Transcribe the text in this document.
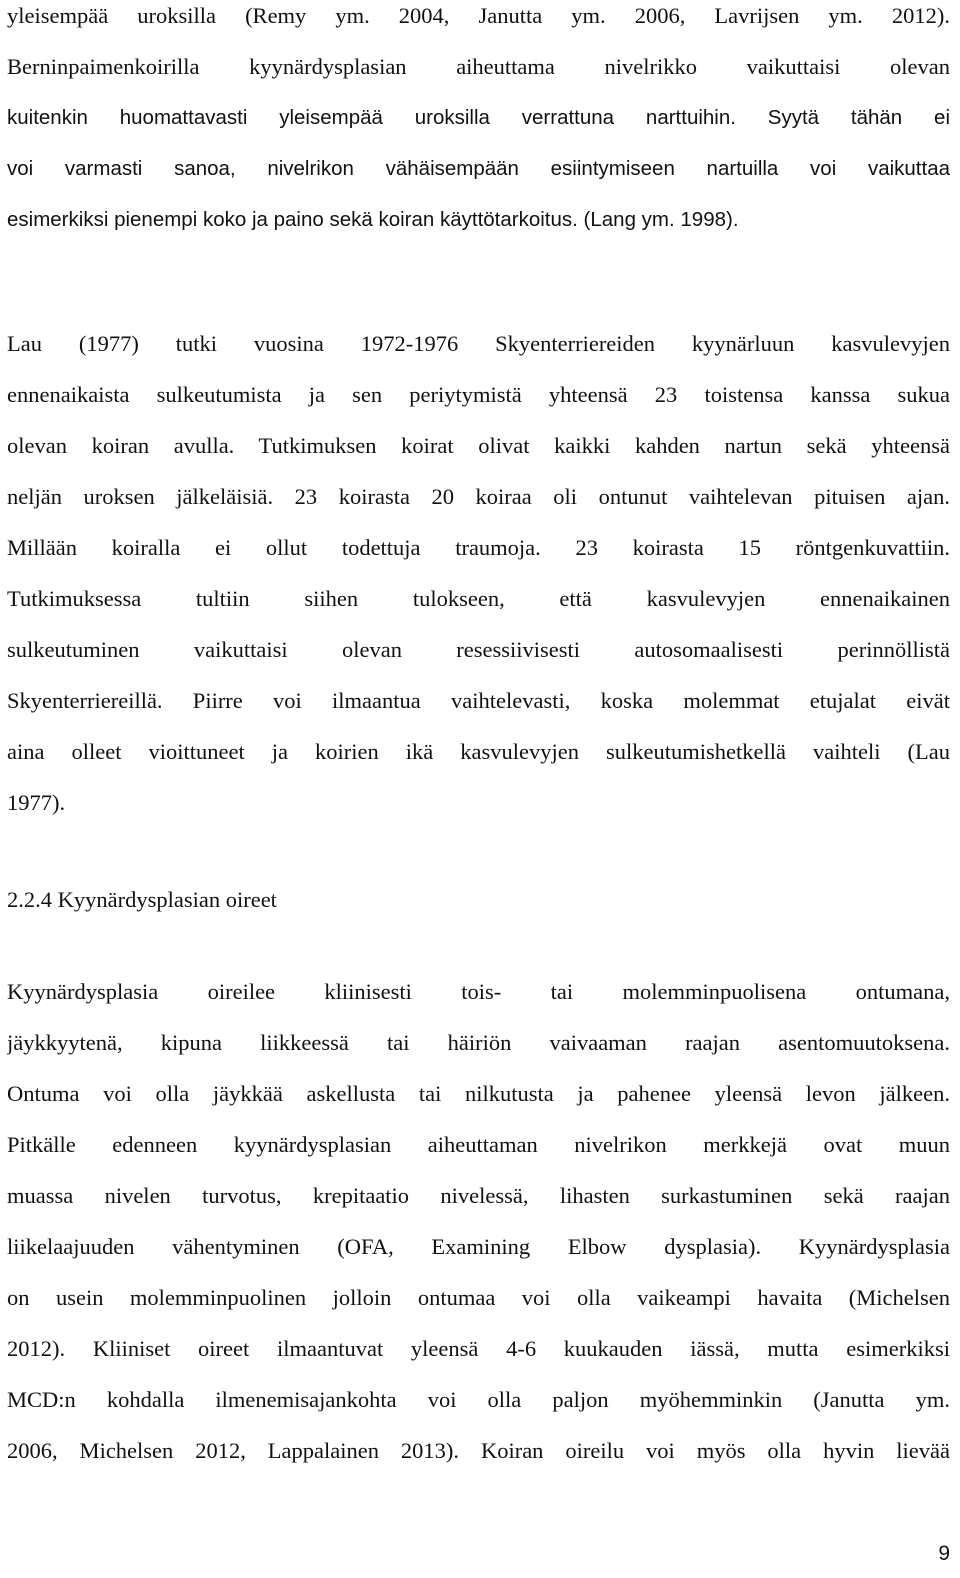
yleisempää uroksilla (Remy ym. 2004, Janutta ym. 2006, Lavrijsen ym. 2012).
Berninpaimenkoirilla kyynärdysplasian aiheuttama nivelrikko vaikuttaisi olevan
kuitenkin huomattavasti yleisempää uroksilla verrattuna narttuihin. Syytä tähän ei
voi varmasti sanoa, nivelrikon vähäisempään esiintymiseen nartuilla voi vaikuttaa
esimerkiksi pienempi koko ja paino sekä koiran käyttötarkoitus. (Lang ym. 1998).
Lau (1977) tutki vuosina 1972-1976 Skyenterriereiden kyynärluun kasvulevyjen
ennenaikaista sulkeutumista ja sen periytymistä yhteensä 23 toistensa kanssa sukua
olevan koiran avulla. Tutkimuksen koirat olivat kaikki kahden nartun sekä yhteensä
neljän uroksen jälkeläisiä. 23 koirasta 20 koiraa oli ontunut vaihtelevan pituisen ajan.
Millään koiralla ei ollut todettuja traumoja. 23 koirasta 15 röntgenkuvattiin.
Tutkimuksessa tultiin siihen tulokseen, että kasvulevyjen ennenaikainen
sulkeutuminen vaikuttaisi olevan resessiivisesti autosomaalisesti perinnöllistä
Skyenterriereillä. Piirre voi ilmaantua vaihtelevasti, koska molemmat etujalat eivät
aina olleet vioittuneet ja koirien ikä kasvulevyjen sulkeutumishetkellä vaihteli (Lau
1977).
2.2.4 Kyynärdysplasian oireet
Kyynärdysplasia oireilee kliinisesti tois- tai molemminpuolisena ontumana,
jäykkyytenä, kipuna liikkeessä tai häiriön vaivaaman raajan asentomuutoksena.
Ontuma voi olla jäykkää askellusta tai nilkutusta ja pahenee yleensä levon jälkeen.
Pitkälle edenneen kyynärdysplasian aiheuttaman nivelrikon merkkejä ovat muun
muassa nivelen turvotus, krepitaatio nivelessä, lihasten surkastuminen sekä raajan
liikelaajuuden vähentyminen (OFA, Examining Elbow dysplasia). Kyynärdysplasia
on usein molemminpuolinen jolloin ontumaa voi olla vaikeampi havaita (Michelsen
2012). Kliiniset oireet ilmaantuvat yleensä 4-6 kuukauden iässä, mutta esimerkiksi
MCD:n kohdalla ilmenemisajankohta voi olla paljon myöhemminkin (Janutta ym.
2006, Michelsen 2012, Lappalainen 2013). Koiran oireilu voi myös olla hyvin lievää
9
